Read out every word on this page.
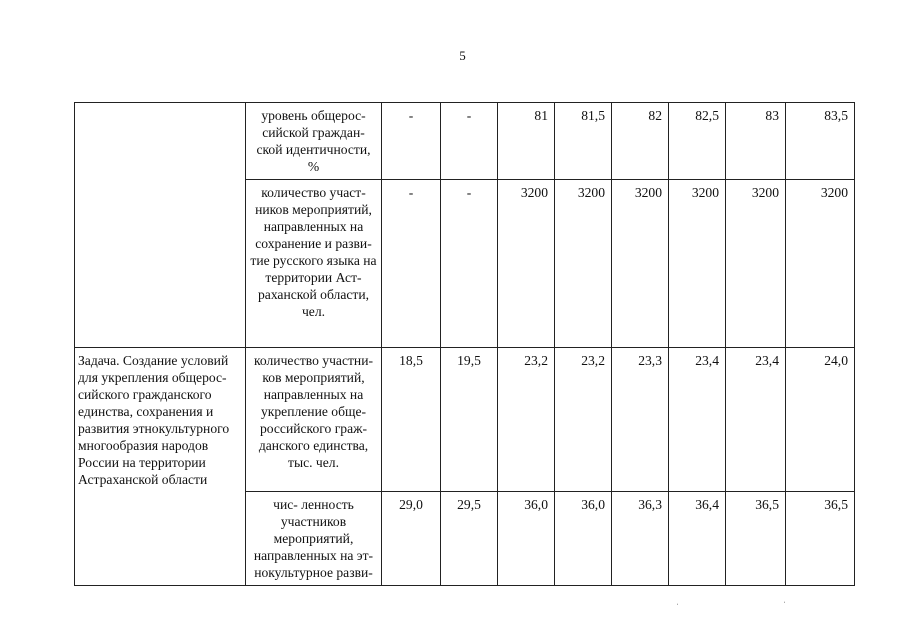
5
	уровень общерос- сийской граждан- ской идентичности, %	-	-	81	81,5	82	82,5	83	83,5
	количество участ- ников мероприятий, направленных на сохранение и разви- тие русского языка на территории Аст- раханской области, чел.	-	-	3200	3200	3200	3200	3200	3200
Задача. Создание условий для укрепления общерос- сийского гражданского единства, сохранения и развития этнокультурного многообразия народов России на территории Астраханской области	количество участни- ков мероприятий, направленных на укрепление обще- российского граж- данского единства, тыс. чел.	18,5	19,5	23,2	23,2	23,3	23,4	23,4	24,0
	чис- ленность участников мероприятий, направленных на эт- нокультурное разви-	29,0	29,5	36,0	36,0	36,3	36,4	36,5	36,5
ˌ	ˌ
